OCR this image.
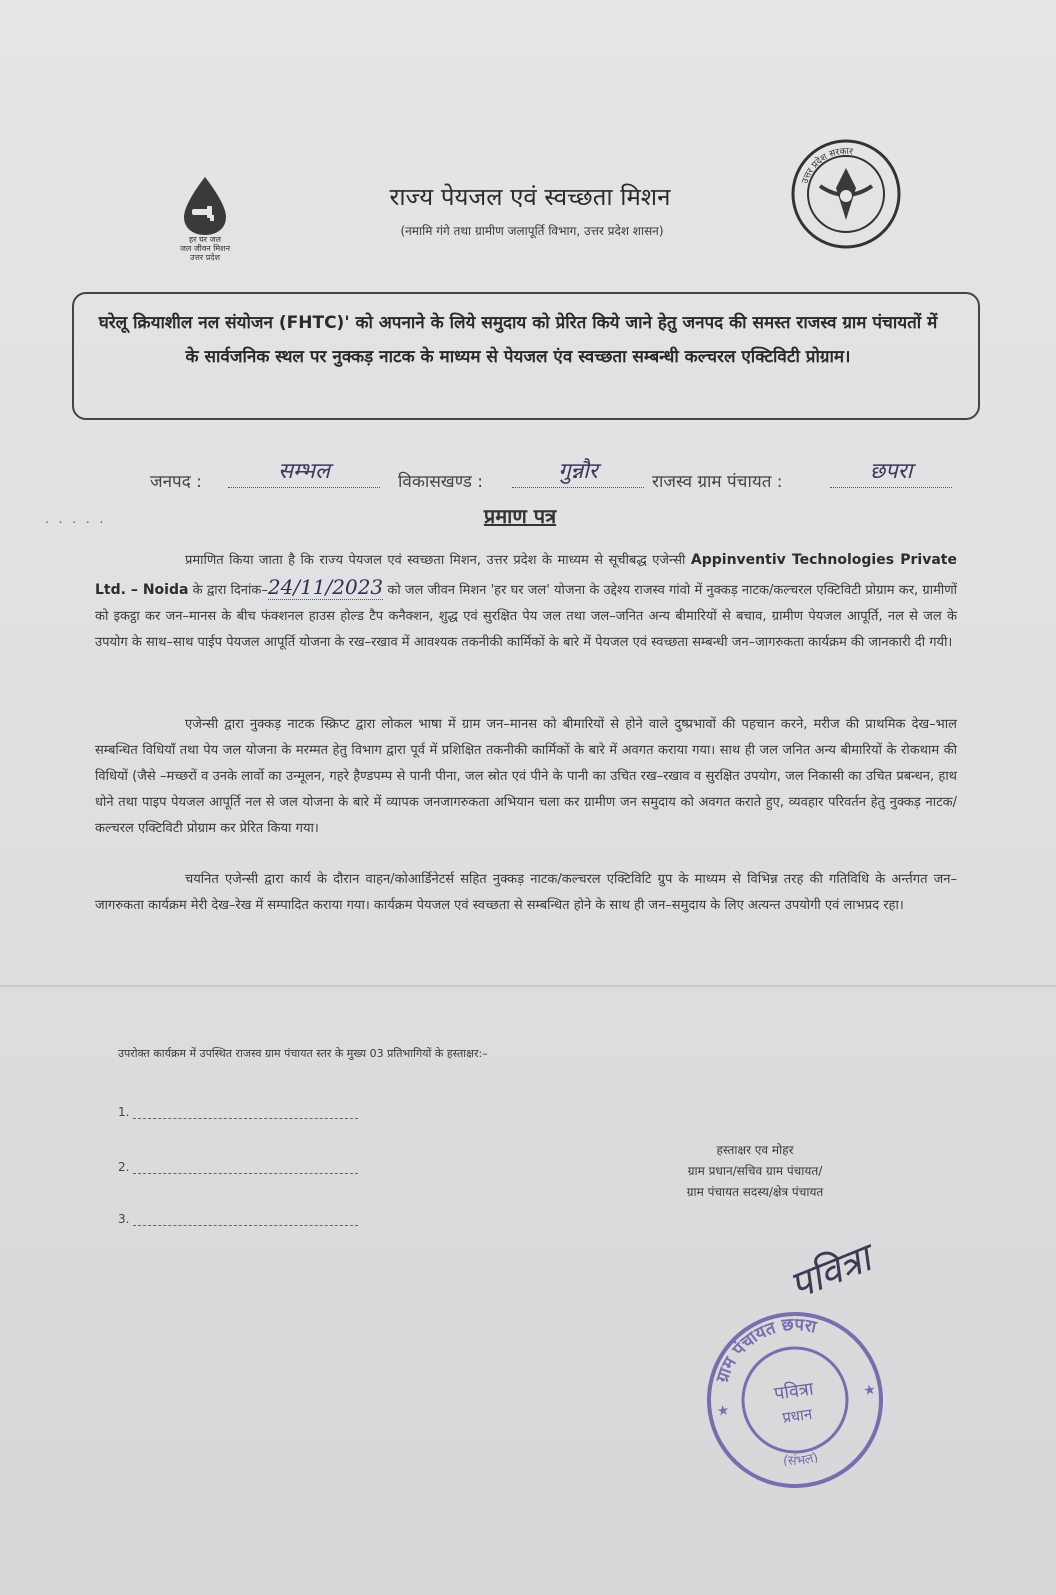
हर घर जल
जल जीवन मिशन
उत्तर प्रदेश
उत्तर प्रदेश सरकार
राज्य पेयजल एवं स्वच्छता मिशन
(नमामि गंगे तथा ग्रामीण जलापूर्ति विभाग, उत्तर प्रदेश शासन)

घरेलू क्रियाशील नल संयोजन (FHTC)' को अपनाने के लिये समुदाय को प्रेरित किये जाने हेतु जनपद की समस्त राजस्व ग्राम पंचायतों में के सार्वजनिक स्थल पर नुक्कड़ नाटक के माध्यम से पेयजल एंव स्वच्छता सम्बन्धी कल्चरल एक्टिविटी प्रोग्राम।

जनपद :	सम्भल	विकासखण्ड :	गुन्नौर	राजस्व ग्राम पंचायत :	छपरा
. . . . .	प्रमाण पत्र

प्रमाणित किया जाता है कि राज्य पेयजल एवं स्वच्छता मिशन, उत्तर प्रदेश के माध्यम से सूचीबद्ध एजेन्सी Appinventiv Technologies Private Ltd. – Noida के द्वारा दिनांक–24/11/2023 को जल जीवन मिशन 'हर घर जल' योजना के उद्देश्य राजस्व गांवो में नुक्कड़ नाटक/कल्चरल एक्टिविटी प्रोग्राम कर, ग्रामीणों को इकट्ठा कर जन–मानस के बीच फंक्शनल हाउस होल्ड टैप कनैक्शन, शुद्ध एवं सुरक्षित पेय जल तथा जल–जनित अन्य बीमारियों से बचाव, ग्रामीण पेयजल आपूर्ति, नल से जल के उपयोग के साथ–साथ पाईप पेयजल आपूर्ति योजना के रख–रखाव में आवश्यक तकनीकी कार्मिकों के बारे में पेयजल एवं स्वच्छता सम्बन्धी जन–जागरुकता कार्यक्रम की जानकारी दी गयी।

एजेन्सी द्वारा नुक्कड़ नाटक स्क्रिप्ट द्वारा लोकल भाषा में ग्राम जन–मानस को बीमारियों से होने वाले दुष्प्रभावों की पहचान करने, मरीज की प्राथमिक देख–भाल सम्बन्धित विधियाँ तथा पेय जल योजना के मरम्मत हेतु विभाग द्वारा पूर्व में प्रशिक्षित तकनीकी कार्मिकों के बारे में अवगत कराया गया। साथ ही जल जनित अन्य बीमारियों के रोकथाम की विधियों (जैसे –मच्छरों व उनके लार्वो का उन्मूलन, गहरे हैण्डपम्प से पानी पीना, जल स्रोत एवं पीने के पानी का उचित रख–रखाव व सुरक्षित उपयोग, जल निकासी का उचित प्रबन्धन, हाथ धोने तथा पाइप पेयजल आपूर्ति नल से जल योजना के बारे में व्यापक जनजागरुकता अभियान चला कर ग्रामीण जन समुदाय को अवगत कराते हुए, व्यवहार परिवर्तन हेतु नुक्कड़ नाटक/कल्चरल एक्टिविटी प्रोग्राम कर प्रेरित किया गया।

चयनित एजेन्सी द्वारा कार्य के दौरान वाहन/कोआर्डिनेटर्स सहित नुक्कड़ नाटक/कल्चरल एक्टिविटि ग्रुप के माध्यम से विभिन्न तरह की गतिविधि के अर्न्तगत जन–जागरुकता कार्यक्रम मेरी देख–रेख में सम्पादित कराया गया। कार्यक्रम पेयजल एवं स्वच्छता से सम्बन्धित होने के साथ ही जन–समुदाय के लिए अत्यन्त उपयोगी एवं लाभप्रद रहा।

उपरोक्त कार्यक्रम में उपस्थित राजस्व ग्राम पंचायत स्तर के मुख्य 03 प्रतिभागियों के हस्ताक्षर:–
1.
2.
3.
हस्ताक्षर एव मोहर
ग्राम प्रधान/सचिव ग्राम पंचायत/
ग्राम पंचायत सदस्य/क्षेत्र पंचायत
पवित्रा
ग्राम पंचायत छपरा
(संभल)
पवित्रा
प्रधान
★
★
